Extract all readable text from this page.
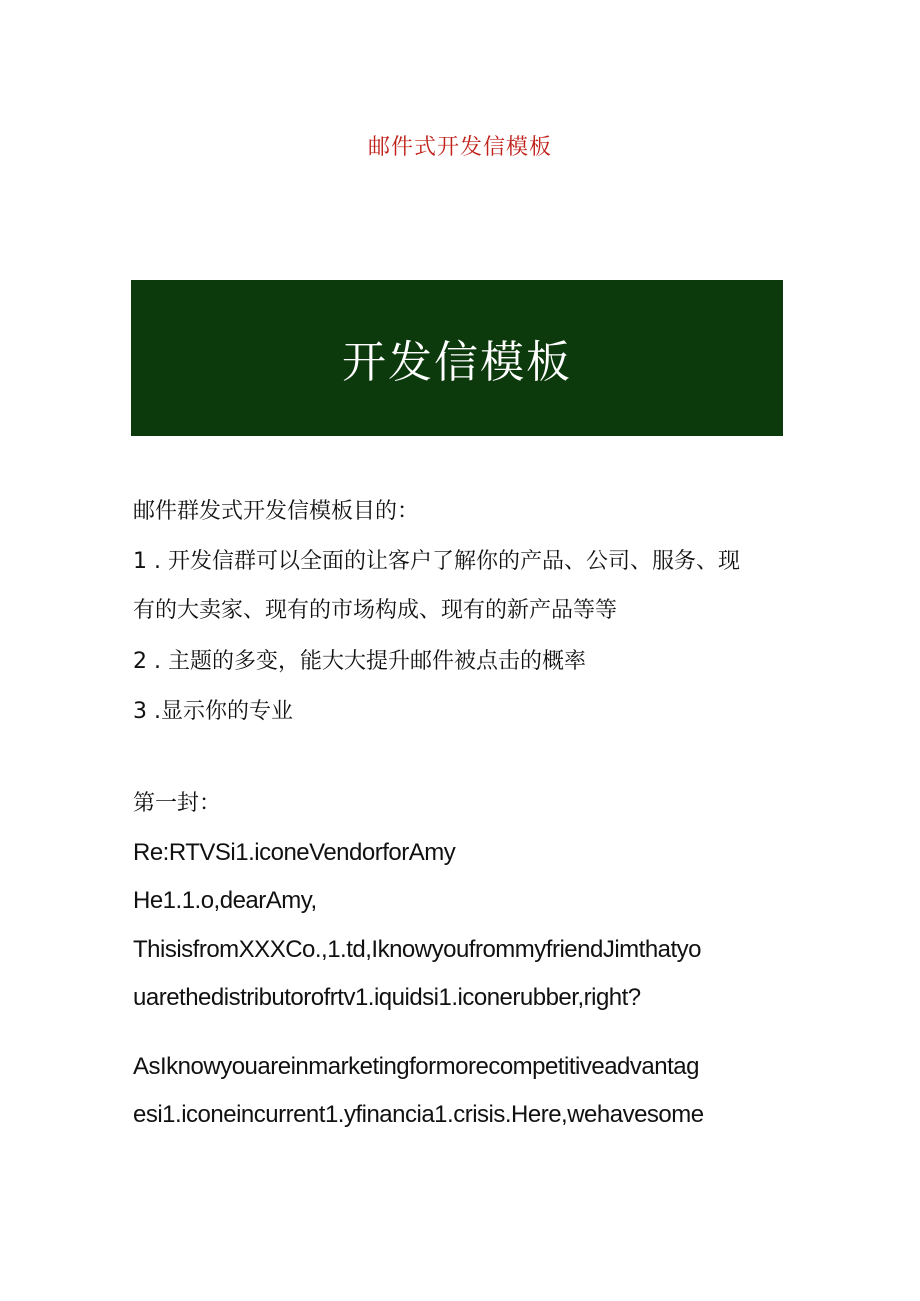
邮件式开发信模板
开发信模板
邮件群发式开发信模板目的：
1 . 开发信群可以全面的让客户了解你的产品、公司、服务、现
有的大卖家、现有的市场构成、现有的新产品等等
2 . 主题的多变，能大大提升邮件被点击的概率
3 .显示你的专业
第一封：
Re:RTVSi1.iconeVendorforAmy
He1.1.o,dearAmy,
ThisisfromXXXCo.,1.td,IknowyoufrommyfriendJimthatyo
uarethedistributorofrtv1.iquidsi1.iconerubber,right?
AsIknowyouareinmarketingformorecompetitiveadvantag
esi1.iconeincurrent1.yfinancia1.crisis.Here,wehavesome
